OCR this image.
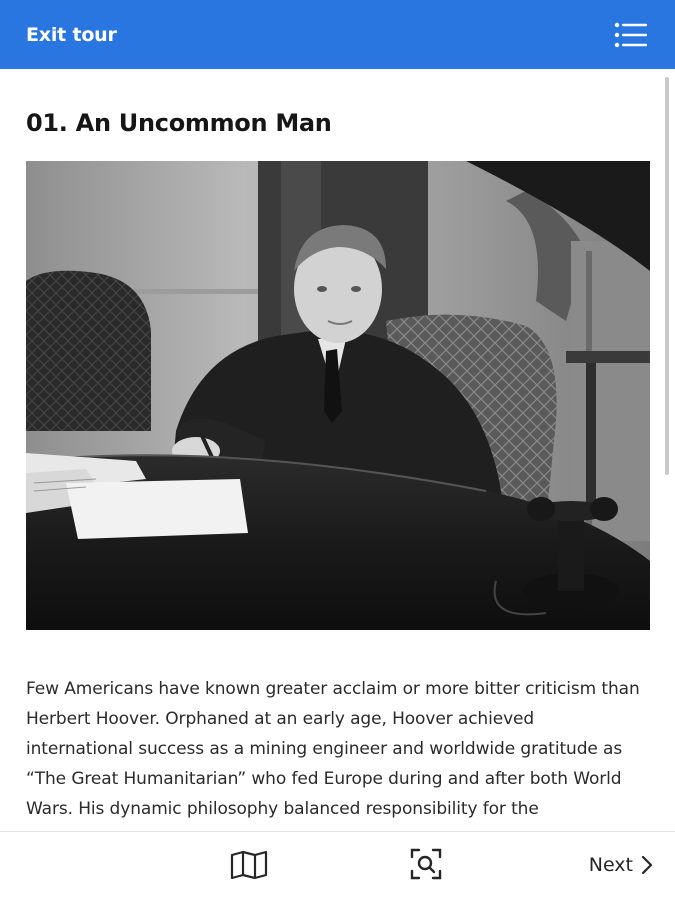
Exit tour
01. An Uncommon Man

Few Americans have known greater acclaim or more bitter criticism than Herbert Hoover. Orphaned at an early age, Hoover achieved international success as a mining engineer and worldwide gratitude as “The Great Humanitarian” who fed Europe during and after both World Wars. His dynamic philosophy balanced responsibility for the

Next
